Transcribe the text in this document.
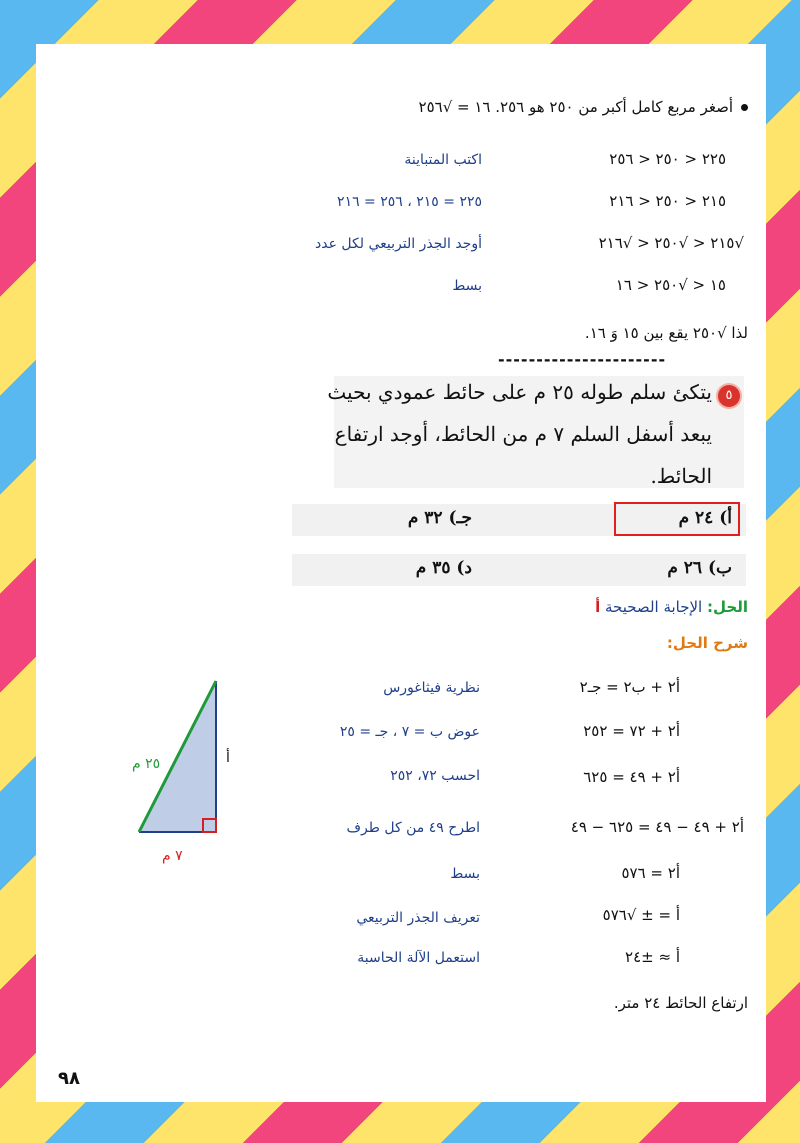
أصغر مربع كامل أكبر من ٢٥٠ هو ٢٥٦. ١٦ = √٢٥٦
٢٢٥ < ٢٥٠ < ٢٥٦
اكتب المتباينة
٢١٥ < ٢٥٠ < ٢١٦
٢٢٥ = ٢١٥ ، ٢٥٦ = ٢١٦
√٢١٥ < √٢٥٠ < √٢١٦
أوجد الجذر التربيعي لكل عدد
١٥ < √٢٥٠ < ١٦
بسط
لذا √٢٥٠ يقع بين ١٥ وَ ١٦.
----------------------
٥
يتكئ سلم طوله ٢٥ م على حائط عمودي بحيث
يبعد أسفل السلم ٧ م من الحائط، أوجد ارتفاع
الحائط.
أ) ٢٤ م
جـ) ٣٢ م
ب) ٢٦ م
د) ٣٥ م
الحل: الإجابة الصحيحة أ
شرح الحل:
أ٢ + ب٢ = جـ٢
نظرية فيثاغورس
أ٢ + ٧٢ = ٢٥٢
عوض ب = ٧ ، جـ = ٢٥
أ٢ + ٤٩ = ٦٢٥
احسب ٧٢، ٢٥٢
أ٢ + ٤٩ − ٤٩ = ٦٢٥ − ٤٩
اطرح ٤٩ من كل طرف
أ٢ = ٥٧٦
بسط
أ = ± √٥٧٦
تعريف الجذر التربيعي
أ ≈ ±٢٤
استعمل الآلة الحاسبة
ارتفاع الحائط ٢٤ متر.
٢٥ م	أ
٧ م
٩٨
